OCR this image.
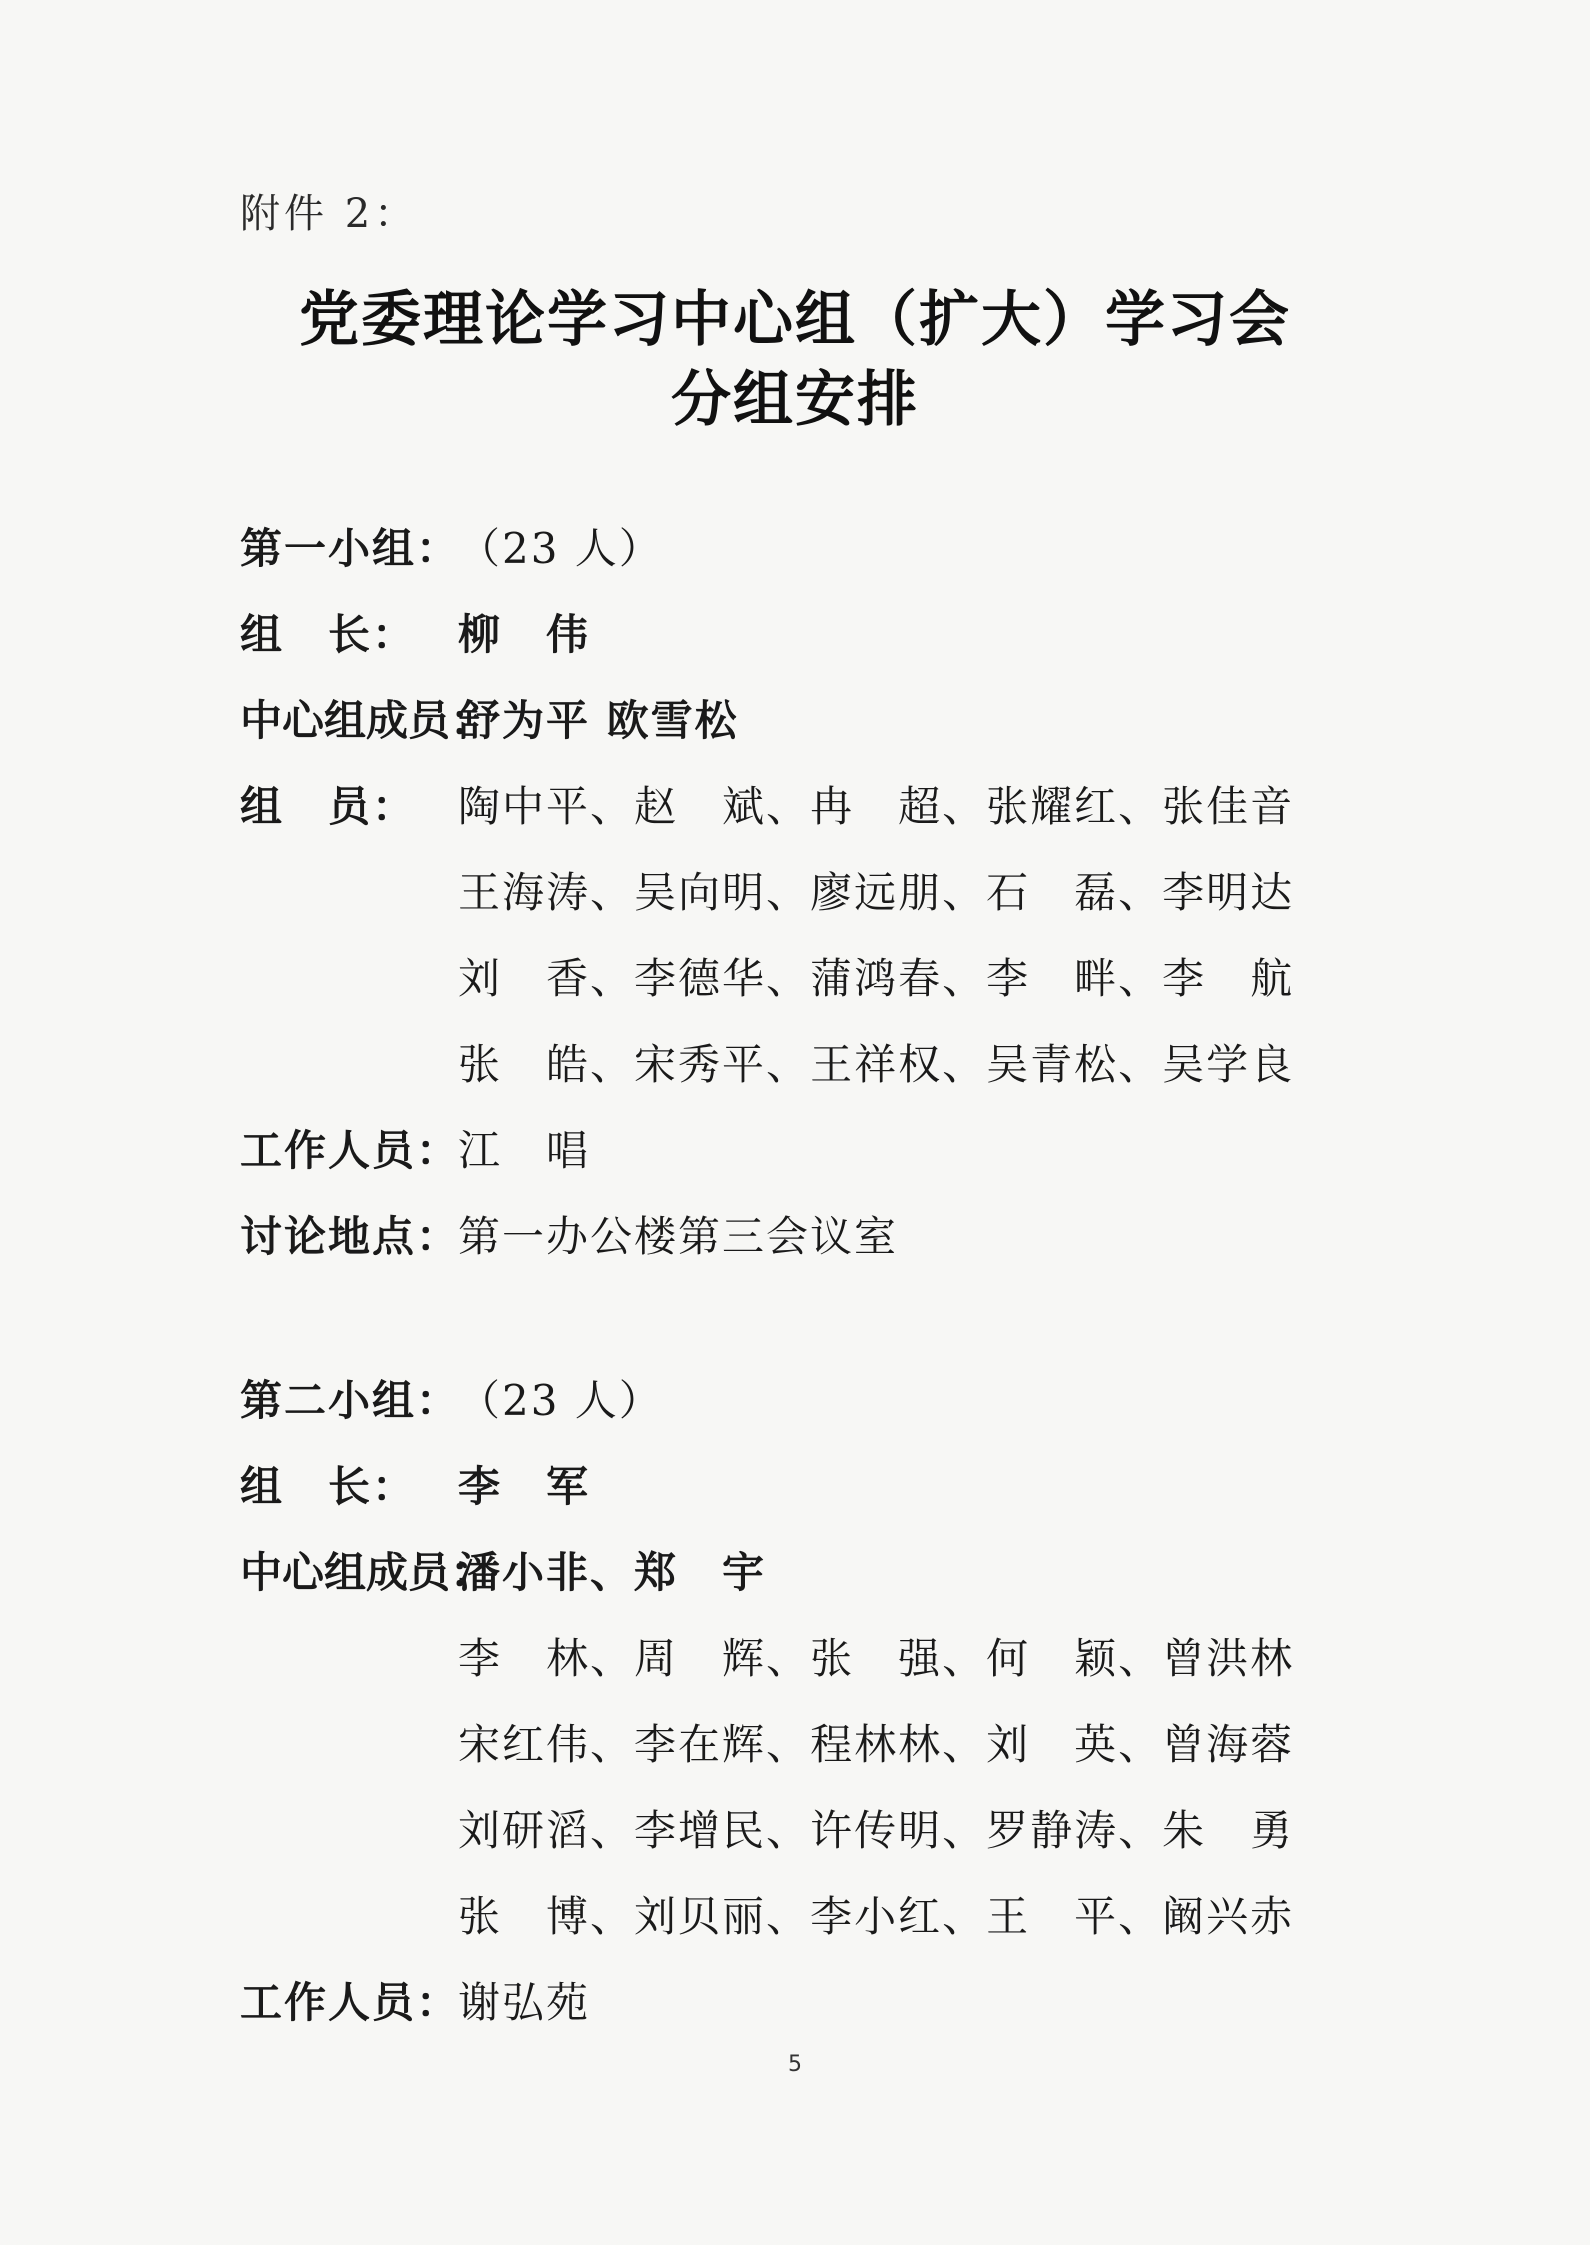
附件 2：
党委理论学习中心组（扩大）学习会
分组安排
第一小组：
（23 人）
组　长： 柳　伟
中心组成员：
舒为平 欧雪松
组　员： 陶中平、赵　斌、冉　超、张耀红、张佳音
王海涛、吴向明、廖远朋、石　磊、李明达
刘　香、李德华、蒲鸿春、李　畔、李　航
张　皓、宋秀平、王祥权、吴青松、吴学良
工作人员：
江　唱
讨论地点：
第一办公楼第三会议室
第二小组：
（23 人）
组　长： 李　军
中心组成员：
潘小非、郑　宇
李　林、周　辉、张　强、何　颖、曾洪林
宋红伟、李在辉、程林林、刘　英、曾海蓉
刘研滔、李增民、许传明、罗静涛、朱　勇
张　博、刘贝丽、李小红、王　平、阚兴赤
工作人员：
谢弘苑
5
